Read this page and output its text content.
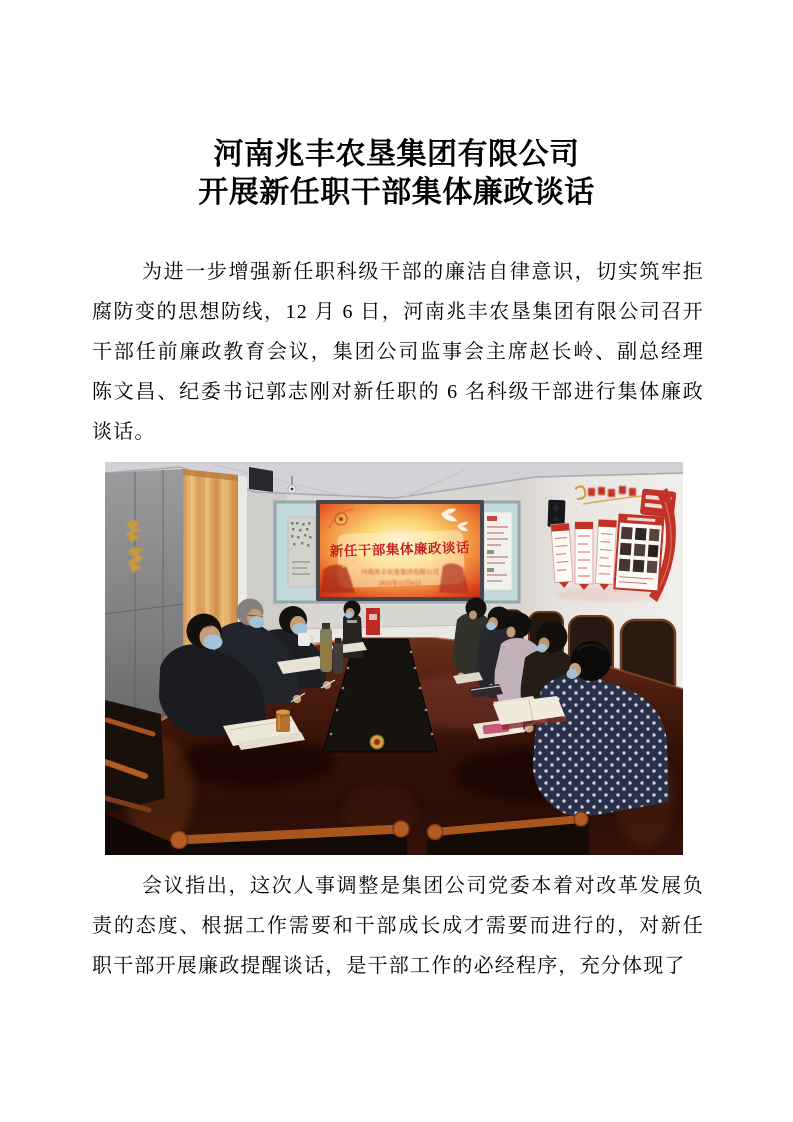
河南兆丰农垦集团有限公司
开展新任职干部集体廉政谈话

为进一步增强新任职科级干部的廉洁自律意识，切实筑牢拒腐防变的思想防线，12 月 6 日，河南兆丰农垦集团有限公司召开干部任前廉政教育会议，集团公司监事会主席赵长岭、副总经理陈文昌、纪委书记郭志刚对新任职的 6 名科级干部进行集体廉政谈话。

新任干部集体廉政谈话
河南兆丰农垦集团有限公司
2022年12月6日

会议指出，这次人事调整是集团公司党委本着对改革发展负责的态度、根据工作需要和干部成长成才需要而进行的，对新任职干部开展廉政提醒谈话，是干部工作的必经程序，充分体现了
